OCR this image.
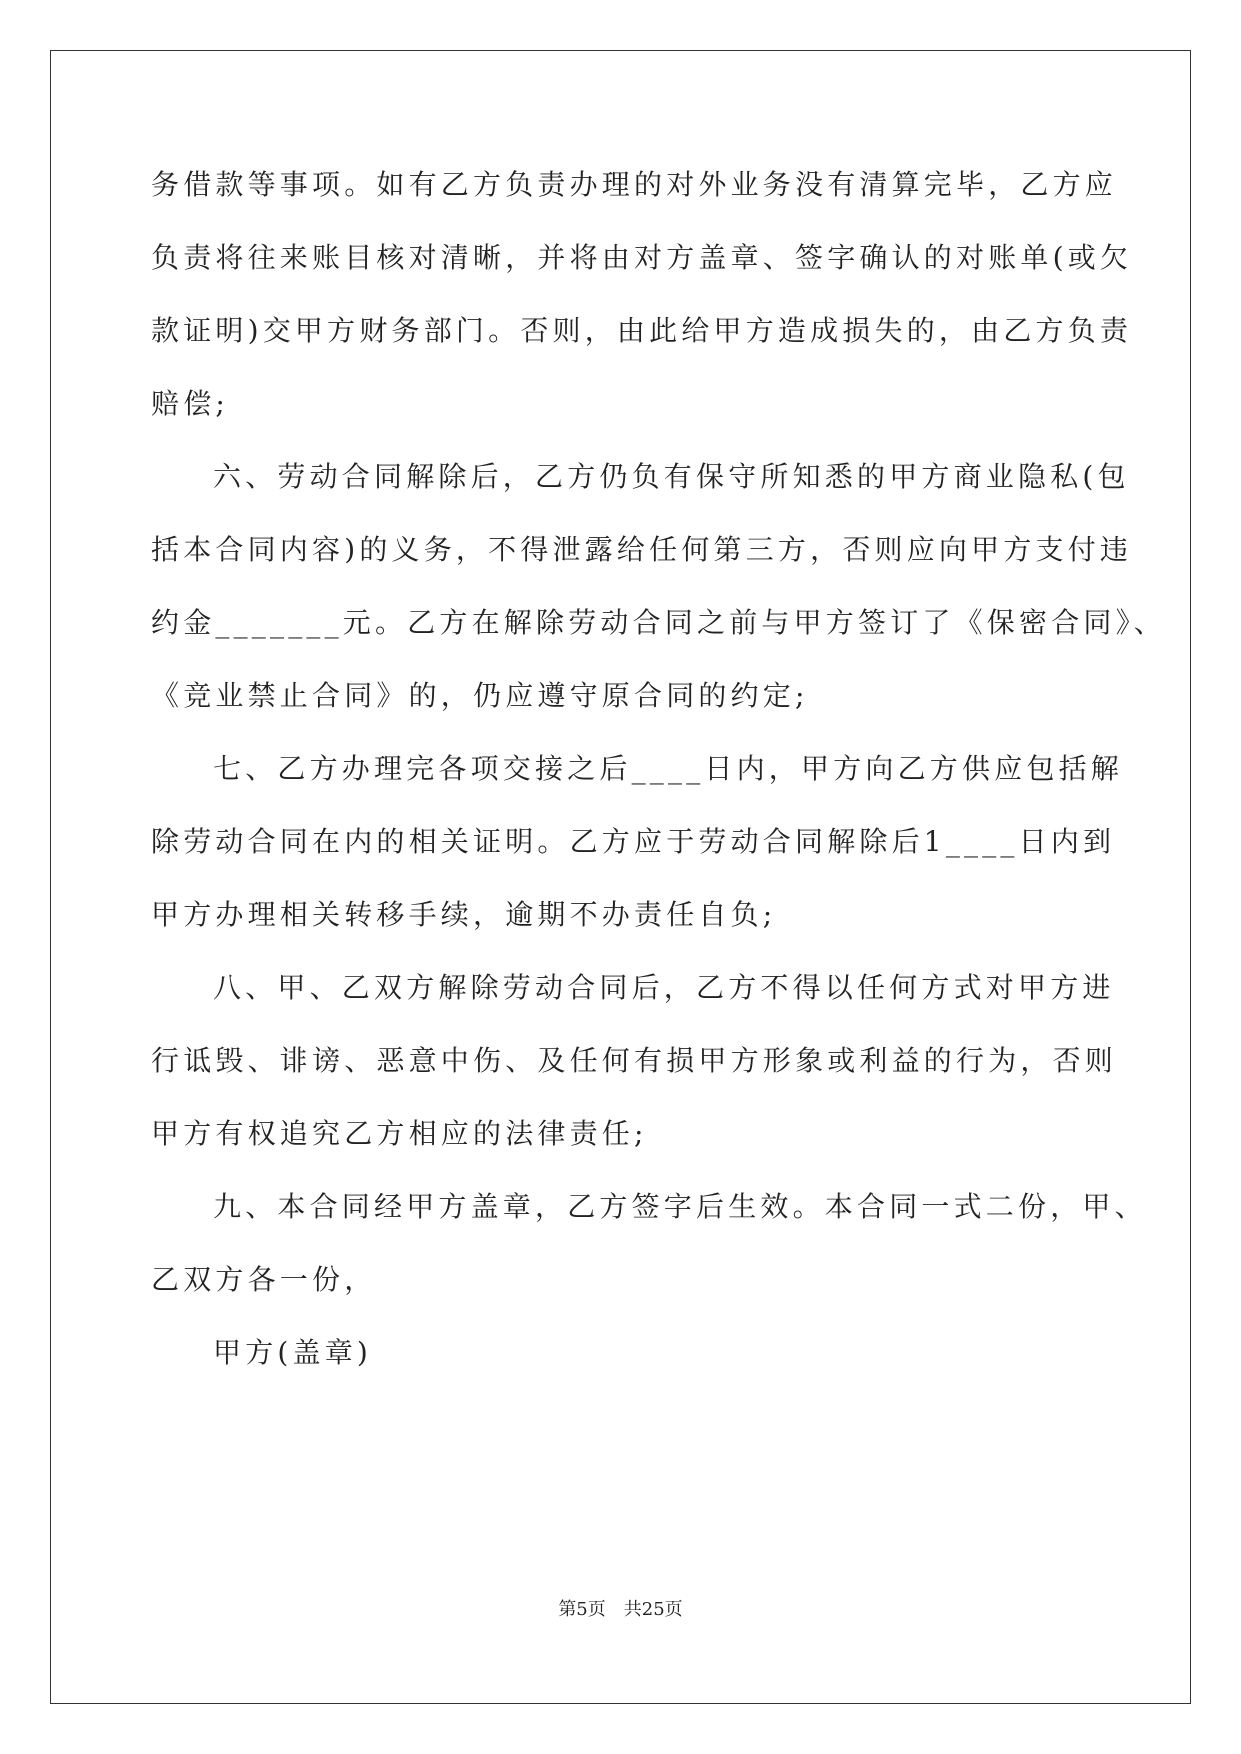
务借款等事项。如有乙方负责办理的对外业务没有清算完毕，乙方应
负责将往来账目核对清晰，并将由对方盖章、签字确认的对账单(或欠
款证明)交甲方财务部门。否则，由此给甲方造成损失的，由乙方负责
赔偿;
六、劳动合同解除后，乙方仍负有保守所知悉的甲方商业隐私(包
括本合同内容)的义务，不得泄露给任何第三方，否则应向甲方支付违
约金_______元。乙方在解除劳动合同之前与甲方签订了《保密合同》、
《竞业禁止合同》的，仍应遵守原合同的约定;
七、乙方办理完各项交接之后____日内，甲方向乙方供应包括解
除劳动合同在内的相关证明。乙方应于劳动合同解除后1____日内到
甲方办理相关转移手续，逾期不办责任自负;
八、甲、乙双方解除劳动合同后，乙方不得以任何方式对甲方进
行诋毁、诽谤、恶意中伤、及任何有损甲方形象或利益的行为，否则
甲方有权追究乙方相应的法律责任;
九、本合同经甲方盖章，乙方签字后生效。本合同一式二份，甲、
乙双方各一份，
甲方(盖章)
第5页 共25页
